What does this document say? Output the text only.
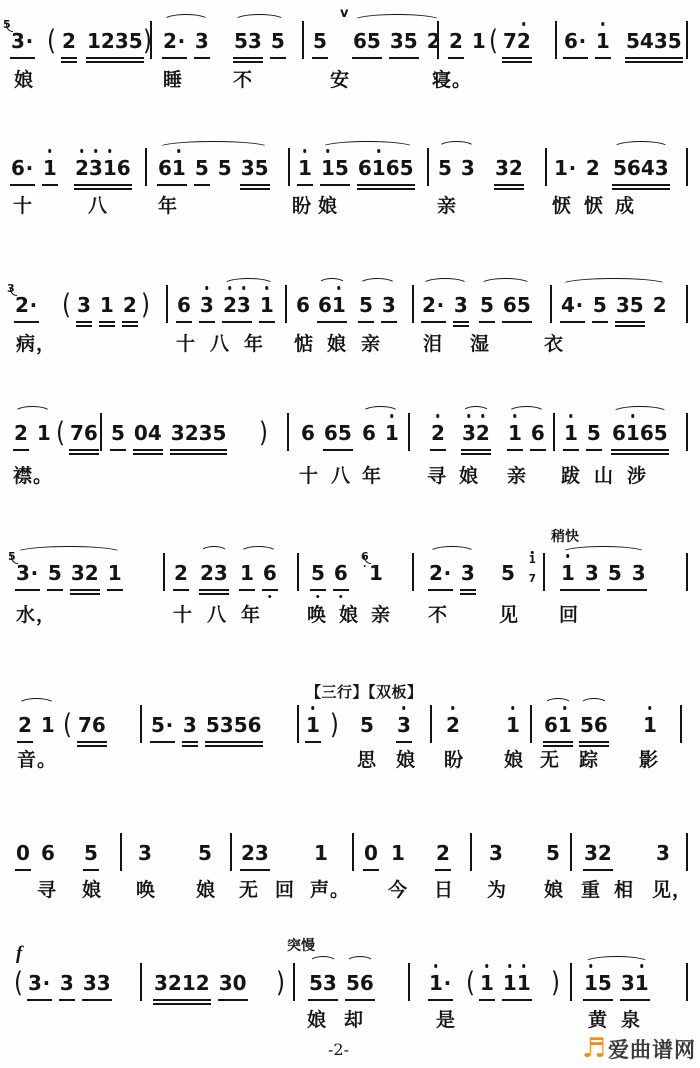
5
3· ( 2 1235 ) 2· 3 53 5 5 65 35 2 2 1 ( 72 6· 1 5435
娘	睡	不	安	寝。
v
6· 1 2316 61 5 5 35 1 15 6165 5 3 32 1· 2 5643
十	八	年	盼 娘	亲	恹 恹 成
3
2· ( 3 1 2 ) 6 3 23 1 6 61 5 3 2· 3 5 65 4· 5 35 2
病，	十 八 年 惦 娘 亲 泪 湿	衣
2 1 ( 76 5 04 3235 ) 6 65 6 1 2 32 1 6 1 5 6165
襟。	十 八 年 寻 娘 亲 跋 山 涉
5
3· 5 32 1	2 23 1 6 5 6
6
1 2· 3 5
1
7 1 3 5 3
水，	十 八 年 唤 娘 亲 不	见 回
稍快
2 1 ( 76 5· 3 5356 1 ) 5 3 2 1 61 56 1
音。	思 娘 盼 娘 无 踪 影
【三行】【双板】
0 6 5 3 5 23 1 0 1 2 3 5 32 3
寻 娘 唤 娘 无 回 声。 今 日 为 娘 重 相 见，
( 3· 3 33 3212 30 ) 53 56	1· ( 1 11 ) 15 31
娘 却	是	黄 泉
f	突慢
-2-	♬ 爱曲谱网
